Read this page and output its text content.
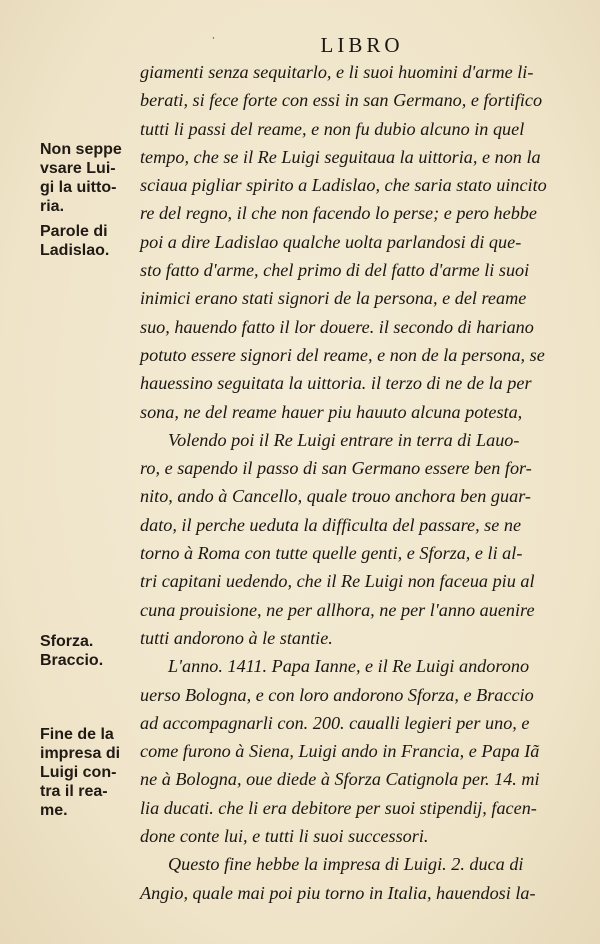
·	LIBRO
Non seppe
vsare Lui-
gi la uitto-
ria.
Parole di
Ladislao.
Sforza.
Braccio.
Fine de la
impresa di
Luigi con-
tra il rea-
me.
giamenti senza sequitarlo, e li suoi huomini d'arme li-
berati, si fece forte con essi in san Germano, e fortifico
tutti li passi del reame, e non fu dubio alcuno in quel
tempo, che se il Re Luigi seguitaua la uittoria, e non la
sciaua pigliar spirito a Ladislao, che saria stato uincito
re del regno, il che non facendo lo perse; e pero hebbe
poi a dire Ladislao qualche uolta parlandosi di que-
sto fatto d'arme, chel primo di del fatto d'arme li suoi
inimici erano stati signori de la persona, e del reame
suo, hauendo fatto il lor douere. il secondo di hariano
potuto essere signori del reame, e non de la persona, se
hauessino seguitata la uittoria. il terzo di ne de la per
sona, ne del reame hauer piu hauuto alcuna potesta,
Volendo poi il Re Luigi entrare in terra di Lauo-
ro, e sapendo il passo di san Germano essere ben for-
nito, ando à Cancello, quale trouo anchora ben guar-
dato, il perche ueduta la difficulta del passare, se ne
torno à Roma con tutte quelle genti, e Sforza, e li al-
tri capitani uedendo, che il Re Luigi non faceua piu al
cuna prouisione, ne per allhora, ne per l'anno auenire
tutti andorono à le stantie.
L'anno. 1411. Papa Ianne, e il Re Luigi andorono
uerso Bologna, e con loro andorono Sforza, e Braccio
ad accompagnarli con. 200. caualli legieri per uno, e
come furono à Siena, Luigi ando in Francia, e Papa Iã
ne à Bologna, oue diede à Sforza Catignola per. 14. mi
lia ducati. che li era debitore per suoi stipendij, facen-
done conte lui, e tutti li suoi successori.
Questo fine hebbe la impresa di Luigi. 2. duca di
Angio, quale mai poi piu torno in Italia, hauendosi la-
